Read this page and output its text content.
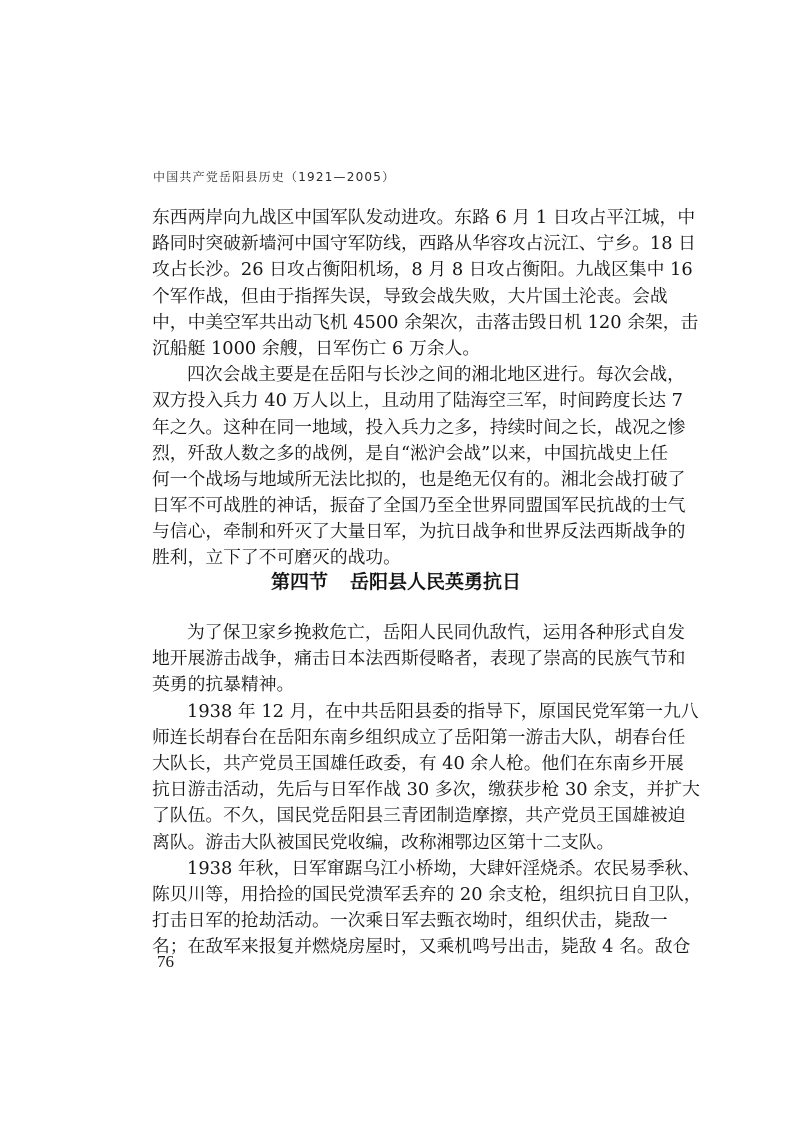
中国共产党岳阳县历史（1921—2005）
东西两岸向九战区中国军队发动进攻。东路 6 月 1 日攻占平江城，中
路同时突破新墙河中国守军防线，西路从华容攻占沅江、宁乡。18 日
攻占长沙。26 日攻占衡阳机场，8 月 8 日攻占衡阳。九战区集中 16
个军作战，但由于指挥失误，导致会战失败，大片国土沦丧。会战
中，中美空军共出动飞机 4500 余架次，击落击毁日机 120 余架，击
沉船艇 1000 余艘，日军伤亡 6 万余人。
四次会战主要是在岳阳与长沙之间的湘北地区进行。每次会战，
双方投入兵力 40 万人以上，且动用了陆海空三军，时间跨度长达 7
年之久。这种在同一地域，投入兵力之多，持续时间之长，战况之惨
烈，歼敌人数之多的战例，是自“淞沪会战”以来，中国抗战史上任
何一个战场与地域所无法比拟的，也是绝无仅有的。湘北会战打破了
日军不可战胜的神话，振奋了全国乃至全世界同盟国军民抗战的士气
与信心，牵制和歼灭了大量日军，为抗日战争和世界反法西斯战争的
胜利，立下了不可磨灭的战功。
第四节 岳阳县人民英勇抗日
为了保卫家乡挽救危亡，岳阳人民同仇敌忾，运用各种形式自发
地开展游击战争，痛击日本法西斯侵略者，表现了崇高的民族气节和
英勇的抗暴精神。
1938 年 12 月，在中共岳阳县委的指导下，原国民党军第一九八
师连长胡春台在岳阳东南乡组织成立了岳阳第一游击大队，胡春台任
大队长，共产党员王国雄任政委，有 40 余人枪。他们在东南乡开展
抗日游击活动，先后与日军作战 30 多次，缴获步枪 30 余支，并扩大
了队伍。不久，国民党岳阳县三青团制造摩擦，共产党员王国雄被迫
离队。游击大队被国民党收编，改称湘鄂边区第十二支队。
1938 年秋，日军窜踞乌江小桥坳，大肆奸淫烧杀。农民易季秋、
陈贝川等，用拾捡的国民党溃军丢弃的 20 余支枪，组织抗日自卫队，
打击日军的抢劫活动。一次乘日军去甄衣坳时，组织伏击，毙敌一
名；在敌军来报复并燃烧房屋时，又乘机鸣号出击，毙敌 4 名。敌仓
76
